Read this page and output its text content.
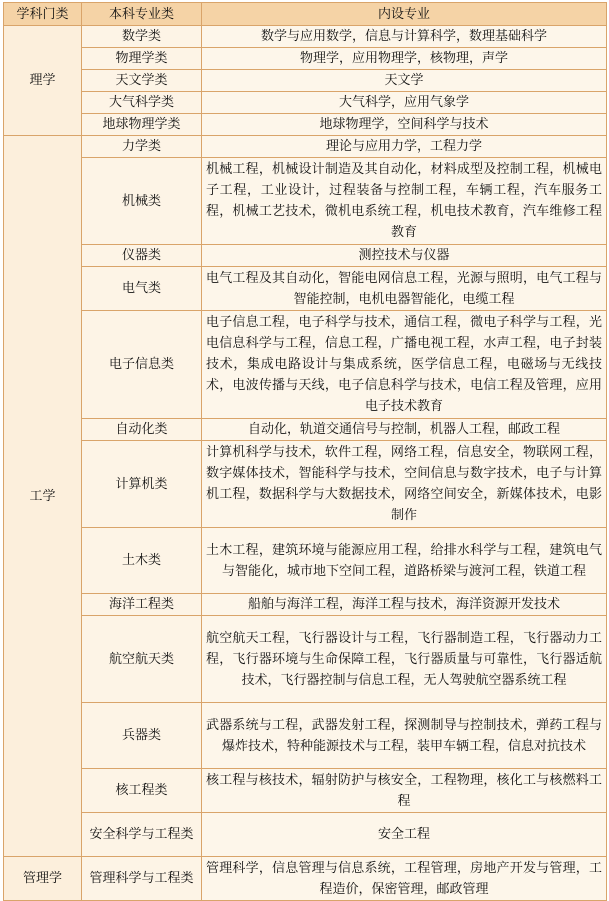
学科门类	本科专业类	内设专业
理学	数学类	数学与应用数学，信息与计算科学，数理基础科学
	物理学类	物理学，应用物理学，核物理，声学
	天文学类	天文学
	大气科学类	大气科学，应用气象学
	地球物理学类	地球物理学，空间科学与技术
工学	力学类	理论与应用力学，工程力学
	机械类	机械工程，机械设计制造及其自动化，材料成型及控制工程，机械电子工程，工业设计，过程装备与控制工程，车辆工程，汽车服务工程，机械工艺技术，微机电系统工程，机电技术教育，汽车维修工程教育
	仪器类	测控技术与仪器
	电气类	电气工程及其自动化，智能电网信息工程，光源与照明，电气工程与智能控制，电机电器智能化，电缆工程
	电子信息类	电子信息工程，电子科学与技术，通信工程，微电子科学与工程，光电信息科学与工程，信息工程，广播电视工程，水声工程，电子封装技术，集成电路设计与集成系统，医学信息工程，电磁场与无线技术，电波传播与天线，电子信息科学与技术，电信工程及管理，应用电子技术教育
	自动化类	自动化，轨道交通信号与控制，机器人工程，邮政工程
	计算机类	计算机科学与技术，软件工程，网络工程，信息安全，物联网工程，数字媒体技术，智能科学与技术，空间信息与数字技术，电子与计算机工程，数据科学与大数据技术，网络空间安全，新媒体技术，电影制作
	土木类	土木工程，建筑环境与能源应用工程，给排水科学与工程，建筑电气与智能化，城市地下空间工程，道路桥梁与渡河工程，铁道工程
	海洋工程类	船舶与海洋工程，海洋工程与技术，海洋资源开发技术
	航空航天类	航空航天工程，飞行器设计与工程，飞行器制造工程，飞行器动力工程，飞行器环境与生命保障工程，飞行器质量与可靠性，飞行器适航技术，飞行器控制与信息工程，无人驾驶航空器系统工程
	兵器类	武器系统与工程，武器发射工程，探测制导与控制技术，弹药工程与爆炸技术，特种能源技术与工程，装甲车辆工程，信息对抗技术
	核工程类	核工程与核技术，辐射防护与核安全，工程物理，核化工与核燃料工程
	安全科学与工程类	安全工程
管理学	管理科学与工程类	管理科学，信息管理与信息系统，工程管理，房地产开发与管理，工程造价，保密管理，邮政管理
